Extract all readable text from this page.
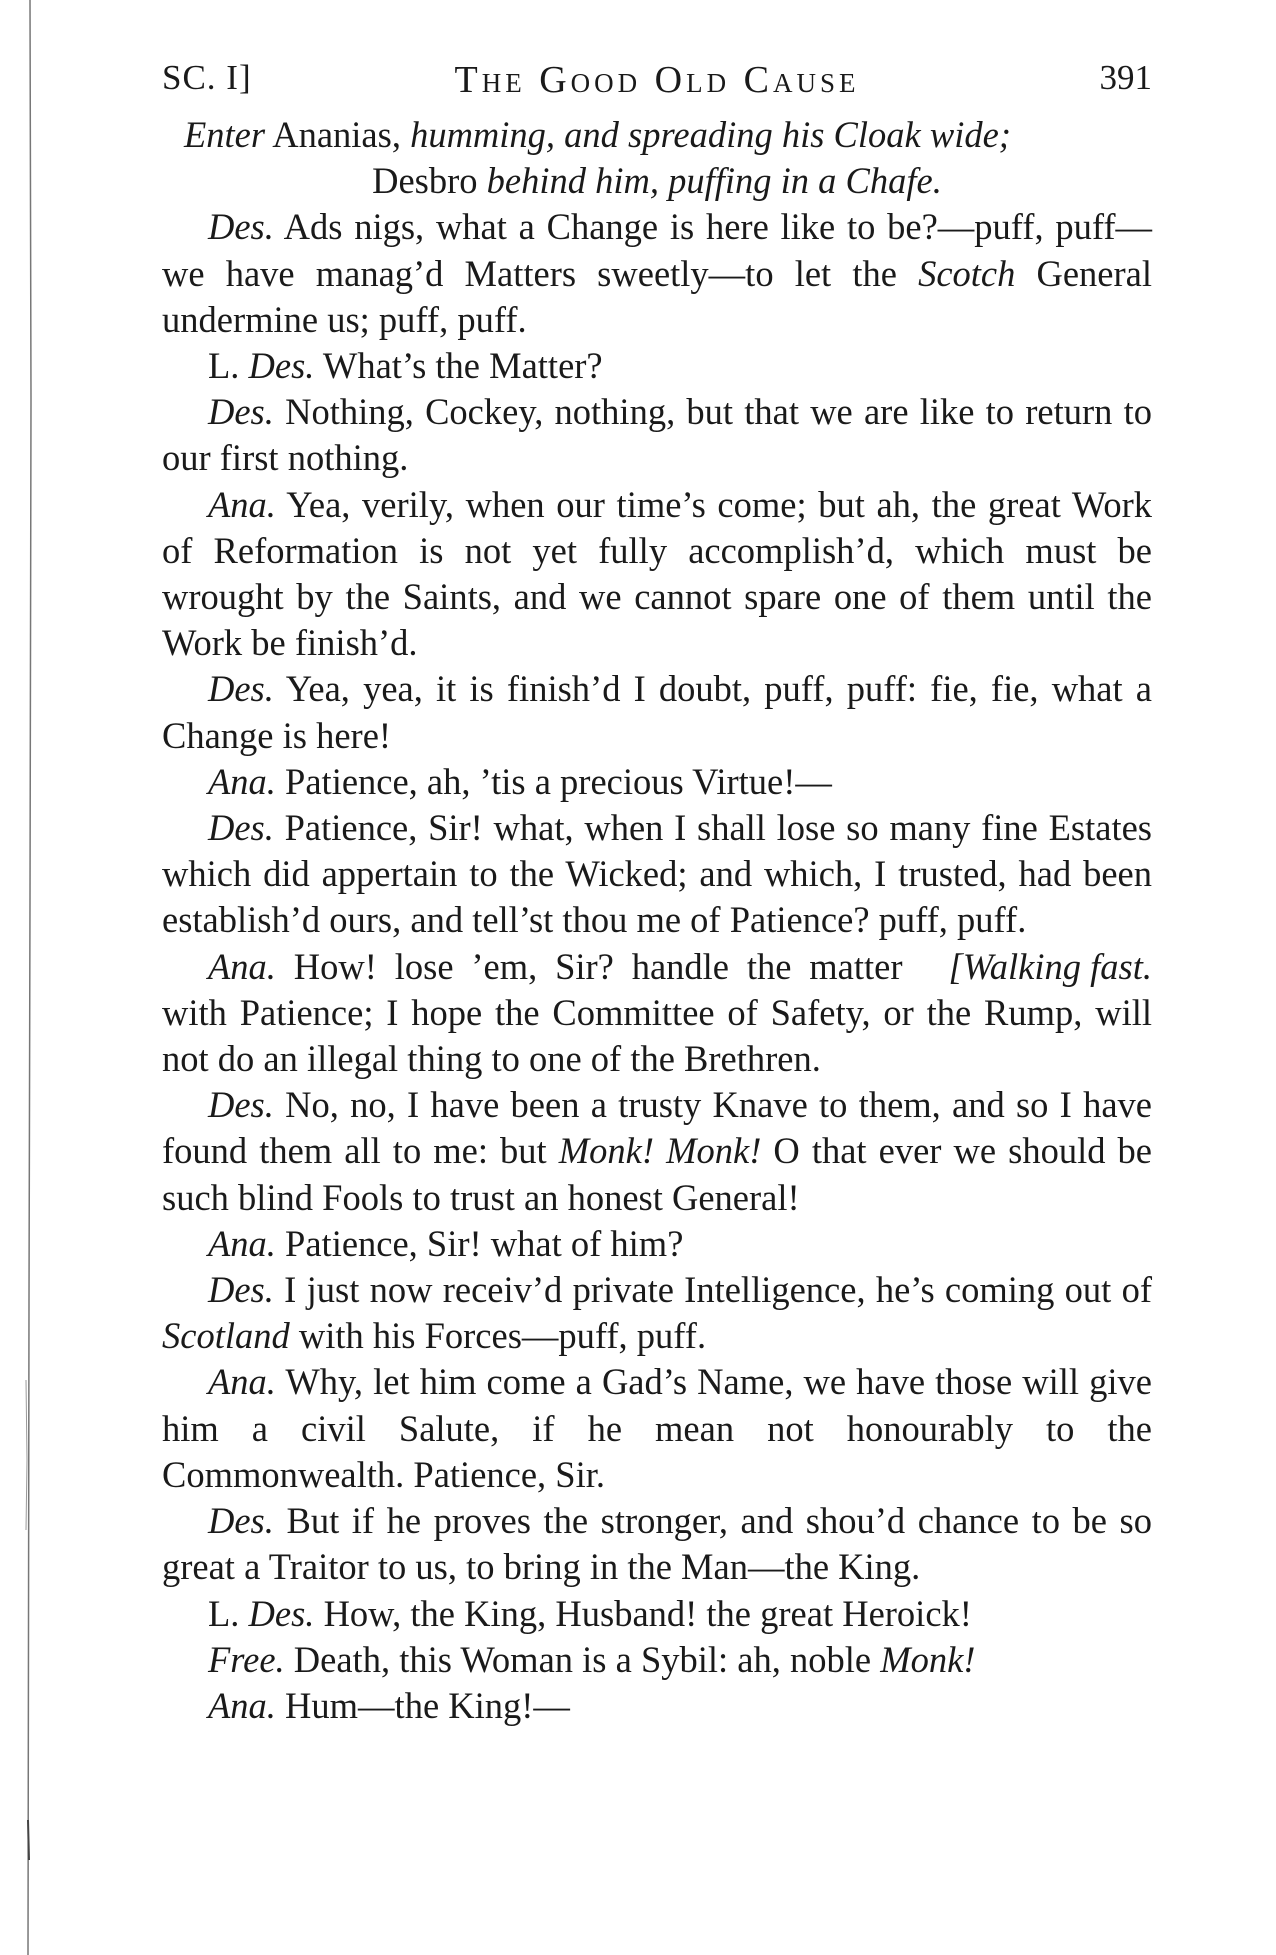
SC. I]	The Good Old Cause	391

Enter Ananias, humming, and spreading his Cloak wide;

Desbro behind him, puffing in a Chafe.

Des. Ads nigs, what a Change is here like to be?—puff, puff—we have manag’d Matters sweetly—to let the Scotch General undermine us; puff, puff.

L. Des. What’s the Matter?

Des. Nothing, Cockey, nothing, but that we are like to return to our first nothing.

Ana. Yea, verily, when our time’s come; but ah, the great Work of Reformation is not yet fully accomplish’d, which must be wrought by the Saints, and we cannot spare one of them until the Work be finish’d.

Des. Yea, yea, it is finish’d I doubt, puff, puff: fie, fie, what a Change is here!

Ana. Patience, ah, ’tis a precious Virtue!—

Des. Patience, Sir! what, when I shall lose so many fine Estates which did appertain to the Wicked; and which, I trusted, had been establish’d ours, and tell’st thou me of Patience? puff, puff.
[Walking fast.

Ana. How! lose ’em, Sir? handle the matter with Patience; I hope the Committee of Safety, or the Rump, will not do an illegal thing to one of the Brethren.

Des. No, no, I have been a trusty Knave to them, and so I have found them all to me: but Monk! Monk! O that ever we should be such blind Fools to trust an honest General!

Ana. Patience, Sir! what of him?

Des. I just now receiv’d private Intelligence, he’s coming out of Scotland with his Forces—puff, puff.

Ana. Why, let him come a Gad’s Name, we have those will give him a civil Salute, if he mean not honourably to the Commonwealth. Patience, Sir.

Des. But if he proves the stronger, and shou’d chance to be so great a Traitor to us, to bring in the Man—the King.

L. Des. How, the King, Husband! the great Heroick!

Free. Death, this Woman is a Sybil: ah, noble Monk!

Ana. Hum—the King!—
